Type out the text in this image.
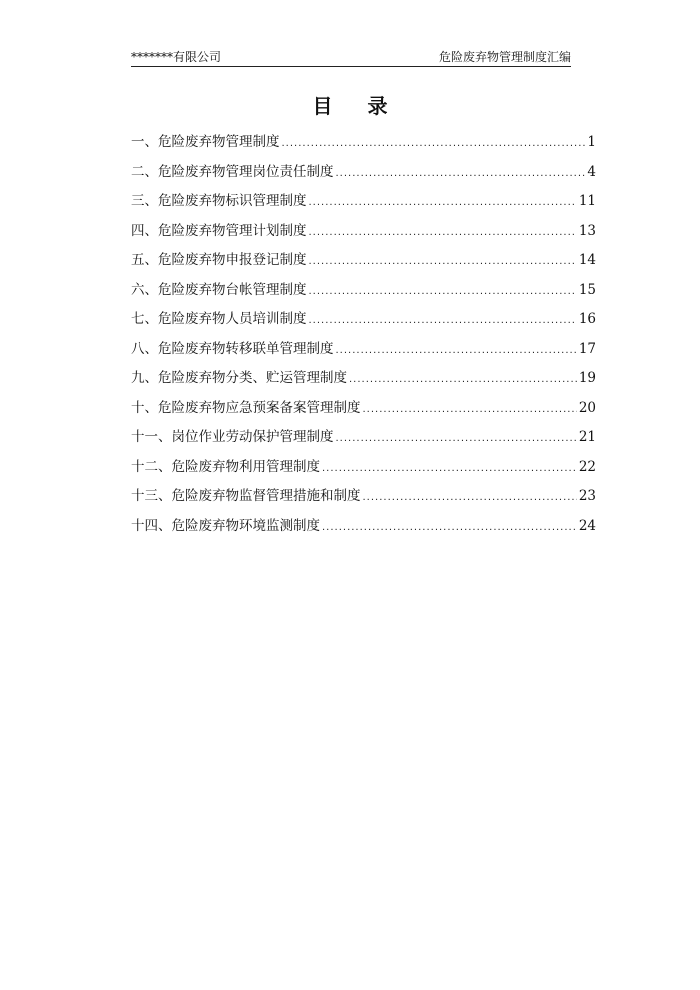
*******有限公司	危险废弃物管理制度汇编
目 录
一、危险废弃物管理制度 .....	1
二、危险废弃物管理岗位责任制度 .....	4
三、危险废弃物标识管理制度 .....	11
四、危险废弃物管理计划制度 .....	13
五、危险废弃物申报登记制度 .....	14
六、危险废弃物台帐管理制度 .....	15
七、危险废弃物人员培训制度 .....	16
八、危险废弃物转移联单管理制度 .....	17
九、危险废弃物分类、贮运管理制度 .....	19
十、危险废弃物应急预案备案管理制度 .....	20
十一、岗位作业劳动保护管理制度 .....	21
十二、危险废弃物利用管理制度 .....	22
十三、危险废弃物监督管理措施和制度 .....	23
十四、危险废弃物环境监测制度 .....	24
